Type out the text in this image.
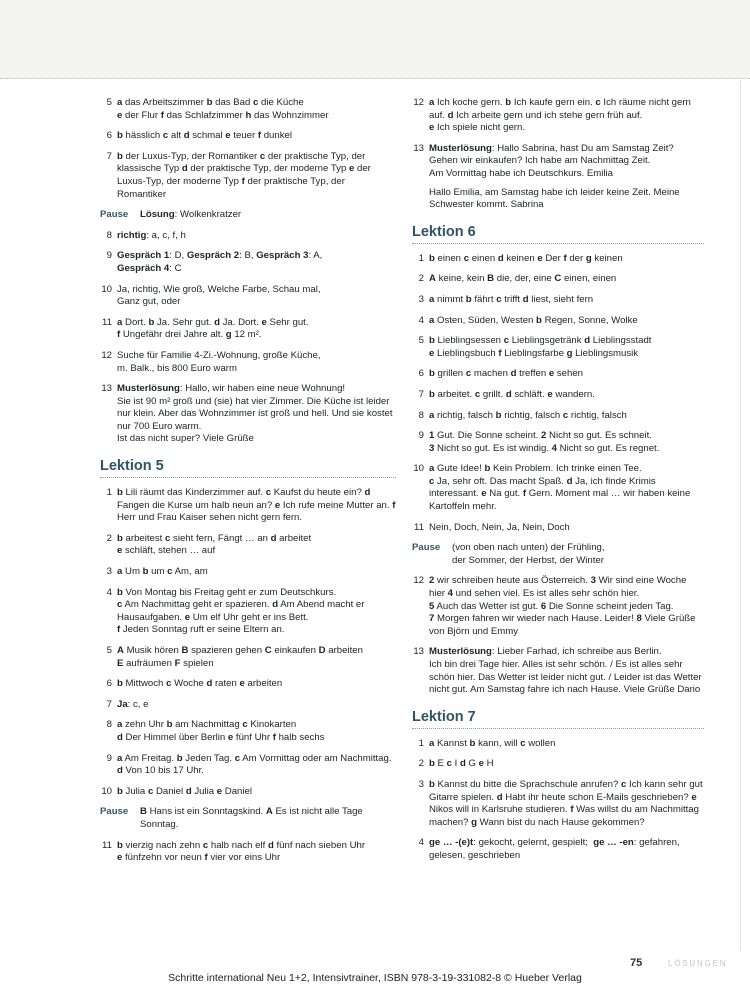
5 a das Arbeitszimmer b das Bad c die Küche
e der Flur f das Schlafzimmer h das Wohnzimmer
6 b hässlich c alt d schmal e teuer f dunkel
7 b der Luxus-Typ, der Romantiker c der praktische Typ, der klassische Typ d der praktische Typ, der moderne Typ e der Luxus-Typ, der moderne Typ f der praktische Typ, der Romantiker
Pause	Lösung: Wolkenkratzer
8 richtig: a, c, f, h
9 Gespräch 1: D, Gespräch 2: B, Gespräch 3: A,
Gespräch 4: C
10 Ja, richtig, Wie groß, Welche Farbe, Schau mal,
Ganz gut, oder
11 a Dort. b Ja. Sehr gut. d Ja. Dort. e Sehr gut.
f Ungefähr drei Jahre alt. g 12 m².
12 Suche für Familie 4-Zi.-Wohnung, große Küche,
m. Balk., bis 800 Euro warm
13 Musterlösung: Hallo, wir haben eine neue Wohnung!
Sie ist 90 m² groß und (sie) hat vier Zimmer. Die Küche ist leider nur klein. Aber das Wohnzimmer ist groß und hell. Und sie kostet nur 700 Euro warm.
Ist das nicht super? Viele Grüße
Lektion 5
1 b Lili räumt das Kinderzimmer auf. c Kaufst du heute ein? d Fangen die Kurse um halb neun an? e Ich rufe meine Mutter an. f Herr und Frau Kaiser sehen nicht gern fern.
2 b arbeitest c sieht fern, Fängt … an d arbeitet
e schläft, stehen … auf
3 a Um b um c Am, am
4 b Von Montag bis Freitag geht er zum Deutschkurs.
c Am Nachmittag geht er spazieren. d Am Abend macht er Hausaufgaben. e Um elf Uhr geht er ins Bett.
f Jeden Sonntag ruft er seine Eltern an.
5 A Musik hören B spazieren gehen C einkaufen D arbeiten
E aufräumen F spielen
6 b Mittwoch c Woche d raten e arbeiten
7 Ja: c, e
8 a zehn Uhr b am Nachmittag c Kinokarten
d Der Himmel über Berlin e fünf Uhr f halb sechs
9 a Am Freitag. b Jeden Tag. c Am Vormittag oder am Nachmittag. d Von 10 bis 17 Uhr.
10 b Julia c Daniel d Julia e Daniel
Pause	B Hans ist ein Sonntagskind. A Es ist nicht alle Tage Sonntag.
11 b vierzig nach zehn c halb nach elf d fünf nach sieben Uhr
e fünfzehn vor neun f vier vor eins Uhr
12 a Ich koche gern. b Ich kaufe gern ein. c Ich räume nicht gern auf. d Ich arbeite gern und ich stehe gern früh auf.
e Ich spiele nicht gern.
13 Musterlösung: Hallo Sabrina, hast Du am Samstag Zeit? Gehen wir einkaufen? Ich habe am Nachmittag Zeit.
Am Vormittag habe ich Deutschkurs. Emilia

Hallo Emilia, am Samstag habe ich leider keine Zeit. Meine Schwester kommt. Sabrina
Lektion 6
1 b einen c einen d keinen e Der f der g keinen
2 A keine, kein B die, der, eine C einen, einen
3 a nimmt b fährt c trifft d liest, sieht fern
4 a Osten, Süden, Westen b Regen, Sonne, Wolke
5 b Lieblingsessen c Lieblingsgetränk d Lieblingsstadt
e Lieblingsbuch f Lieblingsfarbe g Lieblingsmusik
6 b grillen c machen d treffen e sehen
7 b arbeitet. c grillt. d schläft. e wandern.
8 a richtig, falsch b richtig, falsch c richtig, falsch
9 1 Gut. Die Sonne scheint. 2 Nicht so gut. Es schneit.
3 Nicht so gut. Es ist windig. 4 Nicht so gut. Es regnet.
10 a Gute Idee! b Kein Problem. Ich trinke einen Tee.
c Ja, sehr oft. Das macht Spaß. d Ja, ich finde Krimis interessant. e Na gut. f Gern. Moment mal … wir haben keine Kartoffeln mehr.
11 Nein, Doch, Nein, Ja, Nein, Doch
Pause	(von oben nach unten) der Frühling,
der Sommer, der Herbst, der Winter
12 2 wir schreiben heute aus Österreich. 3 Wir sind eine Woche hier 4 und sehen viel. Es ist alles sehr schön hier.
5 Auch das Wetter ist gut. 6 Die Sonne scheint jeden Tag.
7 Morgen fahren wir wieder nach Hause. Leider! 8 Viele Grüße von Björn und Emmy
13 Musterlösung: Lieber Farhad, ich schreibe aus Berlin.
Ich bin drei Tage hier. Alles ist sehr schön. / Es ist alles sehr schön hier. Das Wetter ist leider nicht gut. / Leider ist das Wetter nicht gut. Am Samstag fahre ich nach Hause. Viele Grüße Dario
Lektion 7
1 a Kannst b kann, will c wollen
2 b E c I d G e H
3 b Kannst du bitte die Sprachschule anrufen? c Ich kann sehr gut Gitarre spielen. d Habt ihr heute schon E-Mails geschrieben? e Nikos will in Karlsruhe studieren. f Was willst du am Nachmittag machen? g Wann bist du nach Hause gekommen?
4 ge … -(e)t: gekocht, gelernt, gespielt;  ge … -en: gefahren, gelesen, geschrieben
75	LÖSUNGEN
Schritte international Neu 1+2, Intensivtrainer, ISBN 978-3-19-331082-8 © Hueber Verlag
